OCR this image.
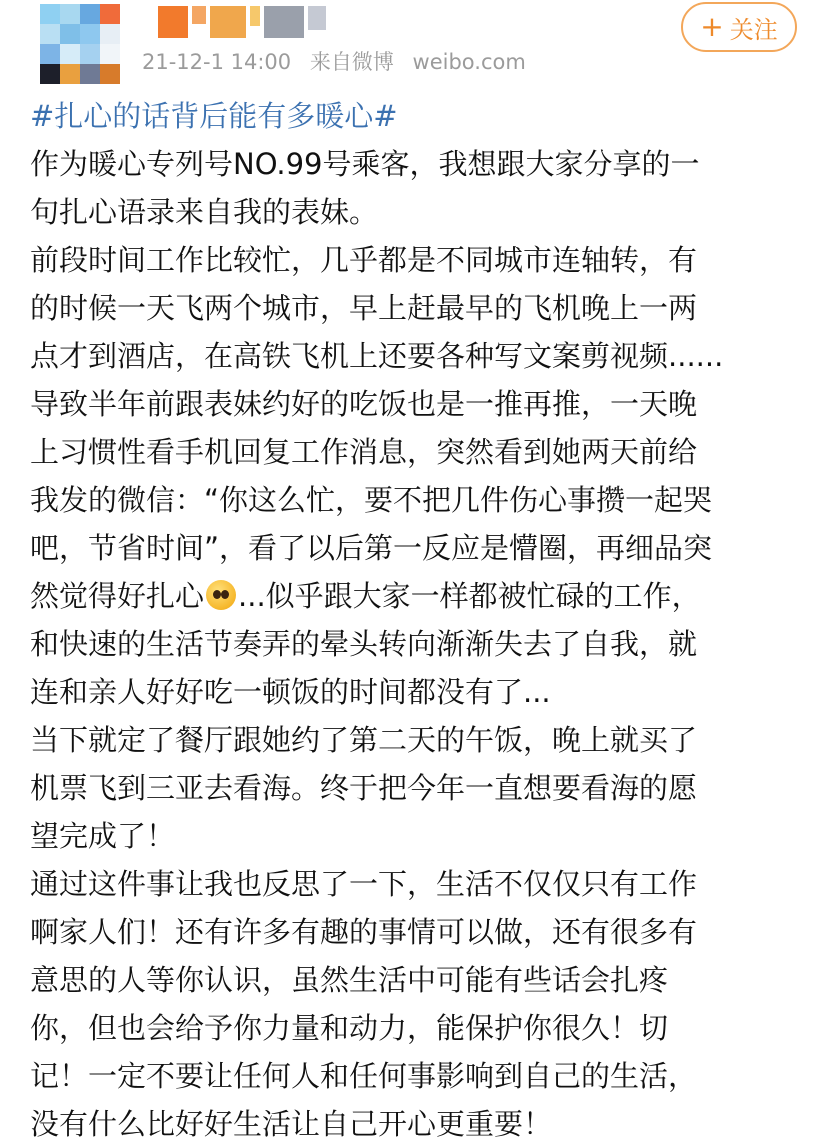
21-12-1 14:00 来自微博 weibo.com
+ 关注
#扎心的话背后能有多暖心#
作为暖心专列号NO.99号乘客，我想跟大家分享的一
句扎心语录来自我的表妹。
前段时间工作比较忙，几乎都是不同城市连轴转，有
的时候一天飞两个城市，早上赶最早的飞机晚上一两
点才到酒店，在高铁飞机上还要各种写文案剪视频......
导致半年前跟表妹约好的吃饭也是一推再推，一天晚
上习惯性看手机回复工作消息，突然看到她两天前给
我发的微信：“你这么忙，要不把几件伤心事攒一起哭
吧，节省时间”，看了以后第一反应是懵圈，再细品突
然觉得好扎心 ...似乎跟大家一样都被忙碌的工作，
和快速的生活节奏弄的晕头转向渐渐失去了自我，就
连和亲人好好吃一顿饭的时间都没有了...
当下就定了餐厅跟她约了第二天的午饭，晚上就买了
机票飞到三亚去看海。终于把今年一直想要看海的愿
望完成了！
通过这件事让我也反思了一下，生活不仅仅只有工作
啊家人们！还有许多有趣的事情可以做，还有很多有
意思的人等你认识，虽然生活中可能有些话会扎疼
你，但也会给予你力量和动力，能保护你很久！切
记！一定不要让任何人和任何事影响到自己的生活，
没有什么比好好生活让自己开心更重要！
